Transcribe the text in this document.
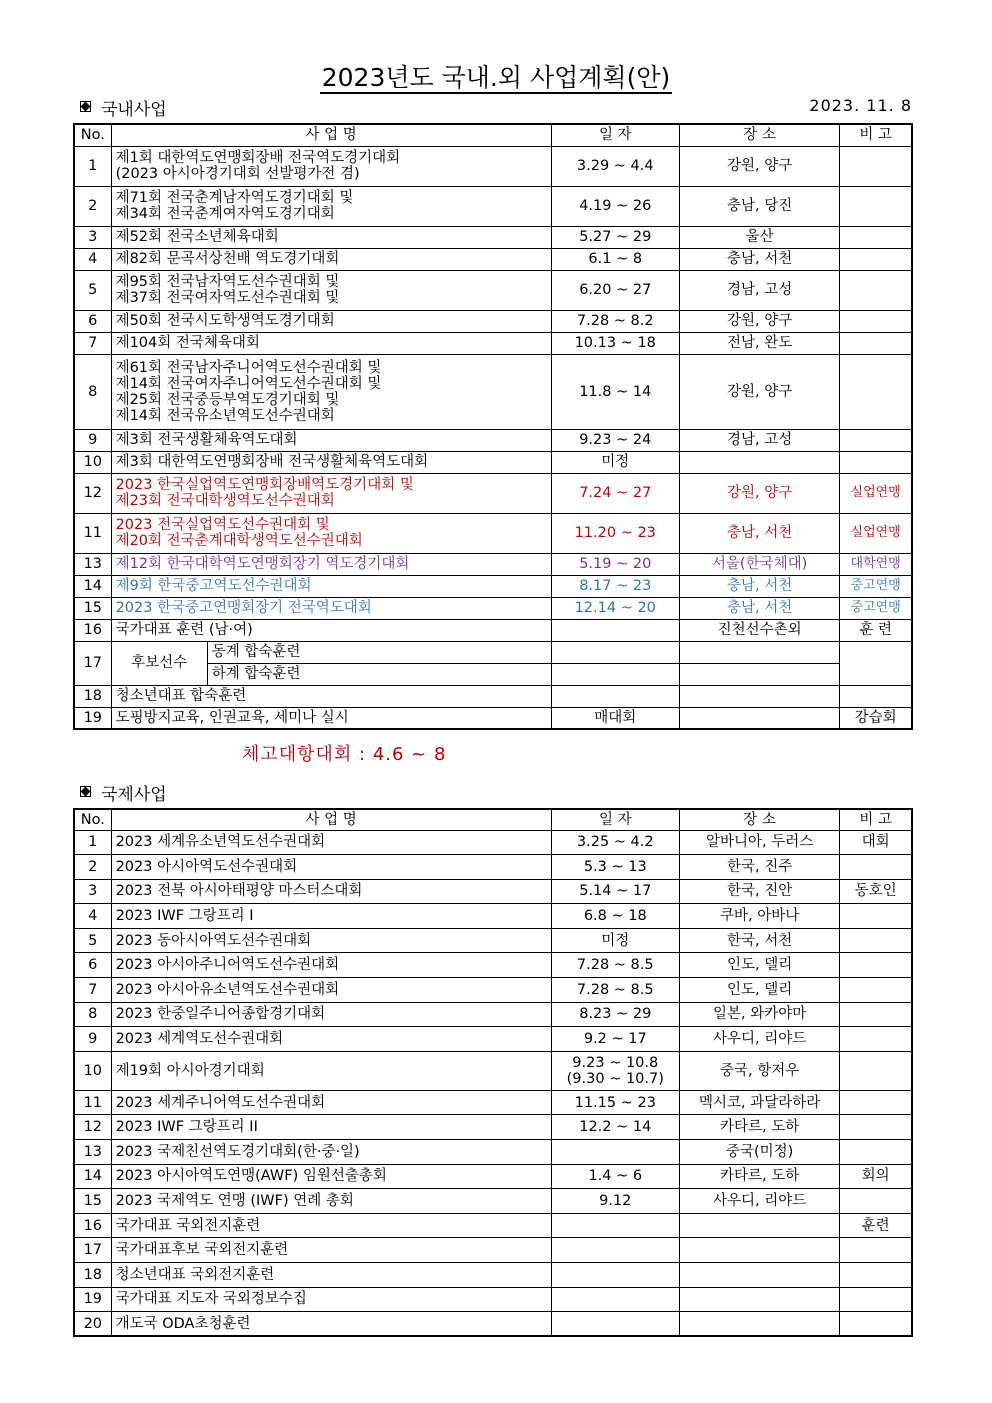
2023년도 국내.외 사업계획(안)
국내사업	2023. 11. 8
No.	사 업 명		일 자	장 소	비 고
1	제1회 대한역도연맹회장배 전국역도경기대회
(2023 아시아경기대회 선발평가전 겸)		3.29 ~ 4.4	강원, 양구	
2	제71회 전국춘계남자역도경기대회 및
제34회 전국춘계여자역도경기대회		4.19 ~ 26	충남, 당진	
3	제52회 전국소년체육대회		5.27 ~ 29	울산	
4	제82회 문곡서상천배 역도경기대회		6.1 ~ 8	충남, 서천	
5	제95회 전국남자역도선수권대회 및
제37회 전국여자역도선수권대회 및		6.20 ~ 27	경남, 고성	
6	제50회 전국시도학생역도경기대회		7.28 ~ 8.2	강원, 양구	
7	제104회 전국체육대회		10.13 ~ 18	전남, 완도	
8	제61회 전국남자주니어역도선수권대회 및
제14회 전국여자주니어역도선수권대회 및
제25회 전국중등부역도경기대회 및
제14회 전국유소년역도선수권대회		11.8 ~ 14	강원, 양구	
9	제3회 전국생활체육역도대회		9.23 ~ 24	경남, 고성	
10	제3회 대한역도연맹회장배 전국생활체육역도대회		미정		
12	2023 한국실업역도연맹회장배역도경기대회 및
제23회 전국대학생역도선수권대회		7.24 ~ 27	강원, 양구	실업연맹
11	2023 전국실업역도선수권대회 및
제20회 전국춘계대학생역도선수권대회		11.20 ~ 23	충남, 서천	실업연맹
13	제12회 한국대학역도연맹회장기 역도경기대회		5.19 ~ 20	서울(한국체대)	대학연맹
14	제9회 한국중고역도선수권대회		8.17 ~ 23	충남, 서천	중고연맹
15	2023 한국중고연맹회장기 전국역도대회		12.14 ~ 20	충남, 서천	중고연맹
16	국가대표 훈련 (남·여)			진천선수촌외	훈 련
17	후보선수	동계 합숙훈련			
		하계 합숙훈련			
18	청소년대표 합숙훈련				
19	도핑방지교육, 인권교육, 세미나 실시		매대회		강습회
체고대항대회 : 4.6 ~ 8
국제사업
No.	사 업 명	일 자	장 소	비 고
1	2023 세계유소년역도선수권대회	3.25 ~ 4.2	알바니아, 두러스	대회
2	2023 아시아역도선수권대회	5.3 ~ 13	한국, 진주	
3	2023 전북 아시아태평양 마스터스대회	5.14 ~ 17	한국, 진안	동호인
4	2023 IWF 그랑프리 I	6.8 ~ 18	쿠바, 아바나	
5	2023 동아시아역도선수권대회	미정	한국, 서천	
6	2023 아시아주니어역도선수권대회	7.28 ~ 8.5	인도, 델리	
7	2023 아시아유소년역도선수권대회	7.28 ~ 8.5	인도, 델리	
8	2023 한중일주니어종합경기대회	8.23 ~ 29	일본, 와카야마	
9	2023 세계역도선수권대회	9.2 ~ 17	사우디, 리야드	
10	제19회 아시아경기대회	9.23 ~ 10.8
(9.30 ~ 10.7)	중국, 항저우	
11	2023 세계주니어역도선수권대회	11.15 ~ 23	멕시코, 과달라하라	
12	2023 IWF 그랑프리 II	12.2 ~ 14	카타르, 도하	
13	2023 국제친선역도경기대회(한·중·일)		중국(미정)	
14	2023 아시아역도연맹(AWF) 임원선출총회	1.4 ~ 6	카타르, 도하	회의
15	2023 국제역도 연맹 (IWF) 연례 총회	9.12	사우디, 리야드	
16	국가대표 국외전지훈련			훈련
17	국가대표후보 국외전지훈련			
18	청소년대표 국외전지훈련			
19	국가대표 지도자 국외정보수집			
20	개도국 ODA초청훈련			
